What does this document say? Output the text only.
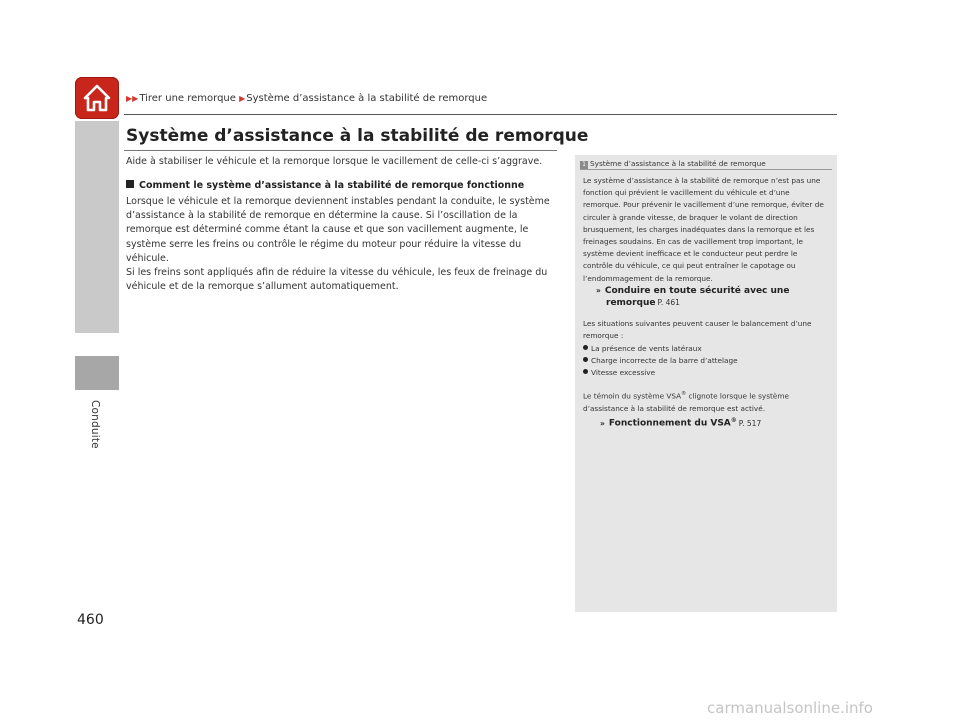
Conduite
▶▶Tirer une remorque ▶Système d’assistance à la stabilité de remorque
Système d’assistance à la stabilité de remorque
Aide à stabiliser le véhicule et la remorque lorsque le vacillement de celle-ci s’aggrave.
Comment le système d’assistance à la stabilité de remorque fonctionne

Lorsque le véhicule et la remorque deviennent instables pendant la conduite, le système d’assistance à la stabilité de remorque en détermine la cause. Si l’oscillation de la remorque est déterminé comme étant la cause et que son vacillement augmente, le système serre les freins ou contrôle le régime du moteur pour réduire la vitesse du véhicule.

Si les freins sont appliqués afin de réduire la vitesse du véhicule, les feux de freinage du véhicule et de la remorque s’allument automatiquement.

1 Système d’assistance à la stabilité de remorque

Le système d’assistance à la stabilité de remorque n’est pas une fonction qui prévient le vacillement du véhicule et d’une remorque. Pour prévenir le vacillement d’une remorque, éviter de circuler à grande vitesse, de braquer le volant de direction brusquement, les charges inadéquates dans la remorque et les freinages soudains. En cas de vacillement trop important, le système devient inefficace et le conducteur peut perdre le contrôle du véhicule, ce qui peut entraîner le capotage ou l’endommagement de la remorque.

» Conduire en toute sécurité avec une
remorque P. 461

Les situations suivantes peuvent causer le balancement d’une remorque :

La présence de vents latéraux
Charge incorrecte de la barre d’attelage
Vitesse excessive

Le témoin du système VSA® clignote lorsque le système d’assistance à la stabilité de remorque est activé.

» Fonctionnement du VSA® P. 517
460
carmanualsonline.info
